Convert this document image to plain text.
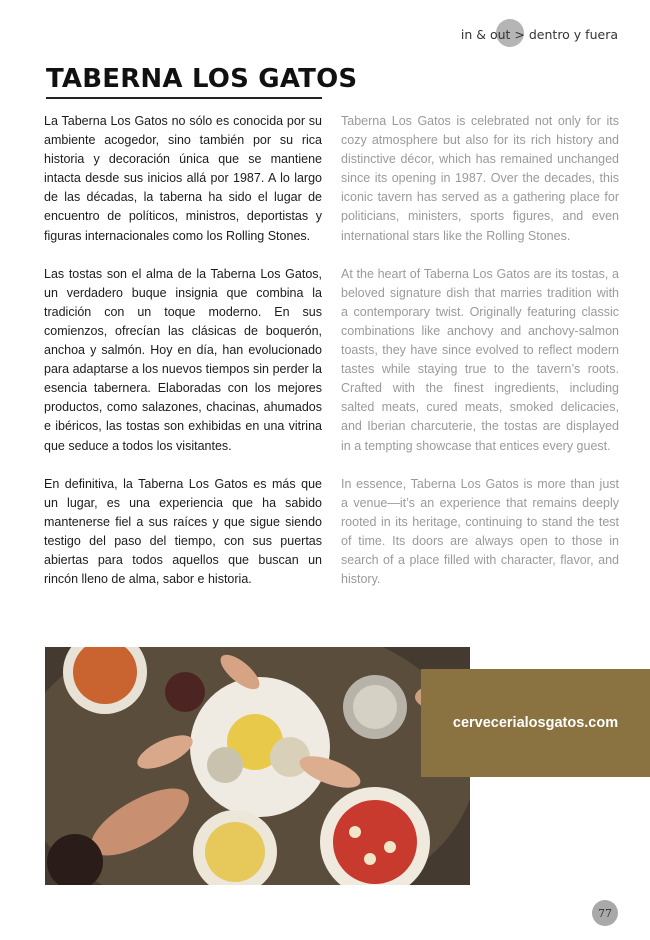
in & out > dentro y fuera
TABERNA LOS GATOS

La Taberna Los Gatos no sólo es conocida por su ambiente acogedor, sino también por su rica historia y decoración única que se mantiene intacta desde sus inicios allá por 1987. A lo largo de las décadas, la taberna ha sido el lugar de encuentro de políticos, ministros, deportistas y figuras internacionales como los Rolling Stones.

Las tostas son el alma de la Taberna Los Gatos, un verdadero buque insignia que combina la tradición con un toque moderno. En sus comienzos, ofrecían las clásicas de boquerón, anchoa y salmón. Hoy en día, han evolucionado para adaptarse a los nuevos tiempos sin perder la esencia tabernera. Elaboradas con los mejores productos, como salazones, chacinas, ahumados e ibéricos, las tostas son exhibidas en una vitrina que seduce a todos los visitantes.

En definitiva, la Taberna Los Gatos es más que un lugar, es una experiencia que ha sabido mantenerse fiel a sus raíces y que sigue siendo testigo del paso del tiempo, con sus puertas abiertas para todos aquellos que buscan un rincón lleno de alma, sabor e historia.

Taberna Los Gatos is celebrated not only for its cozy atmosphere but also for its rich history and distinctive décor, which has remained unchanged since its opening in 1987. Over the decades, this iconic tavern has served as a gathering place for politicians, ministers, sports figures, and even international stars like the Rolling Stones.

At the heart of Taberna Los Gatos are its tostas, a beloved signature dish that marries tradition with a contemporary twist. Originally featuring classic combinations like anchovy and anchovy-salmon toasts, they have since evolved to reflect modern tastes while staying true to the tavern’s roots. Crafted with the finest ingredients, including salted meats, cured meats, smoked delicacies, and Iberian charcuterie, the tostas are displayed in a tempting showcase that entices every guest.

In essence, Taberna Los Gatos is more than just a venue—it’s an experience that remains deeply rooted in its heritage, continuing to stand the test of time. Its doors are always open to those in search of a place filled with character, flavor, and history.

cervecerialosgatos.com
77
